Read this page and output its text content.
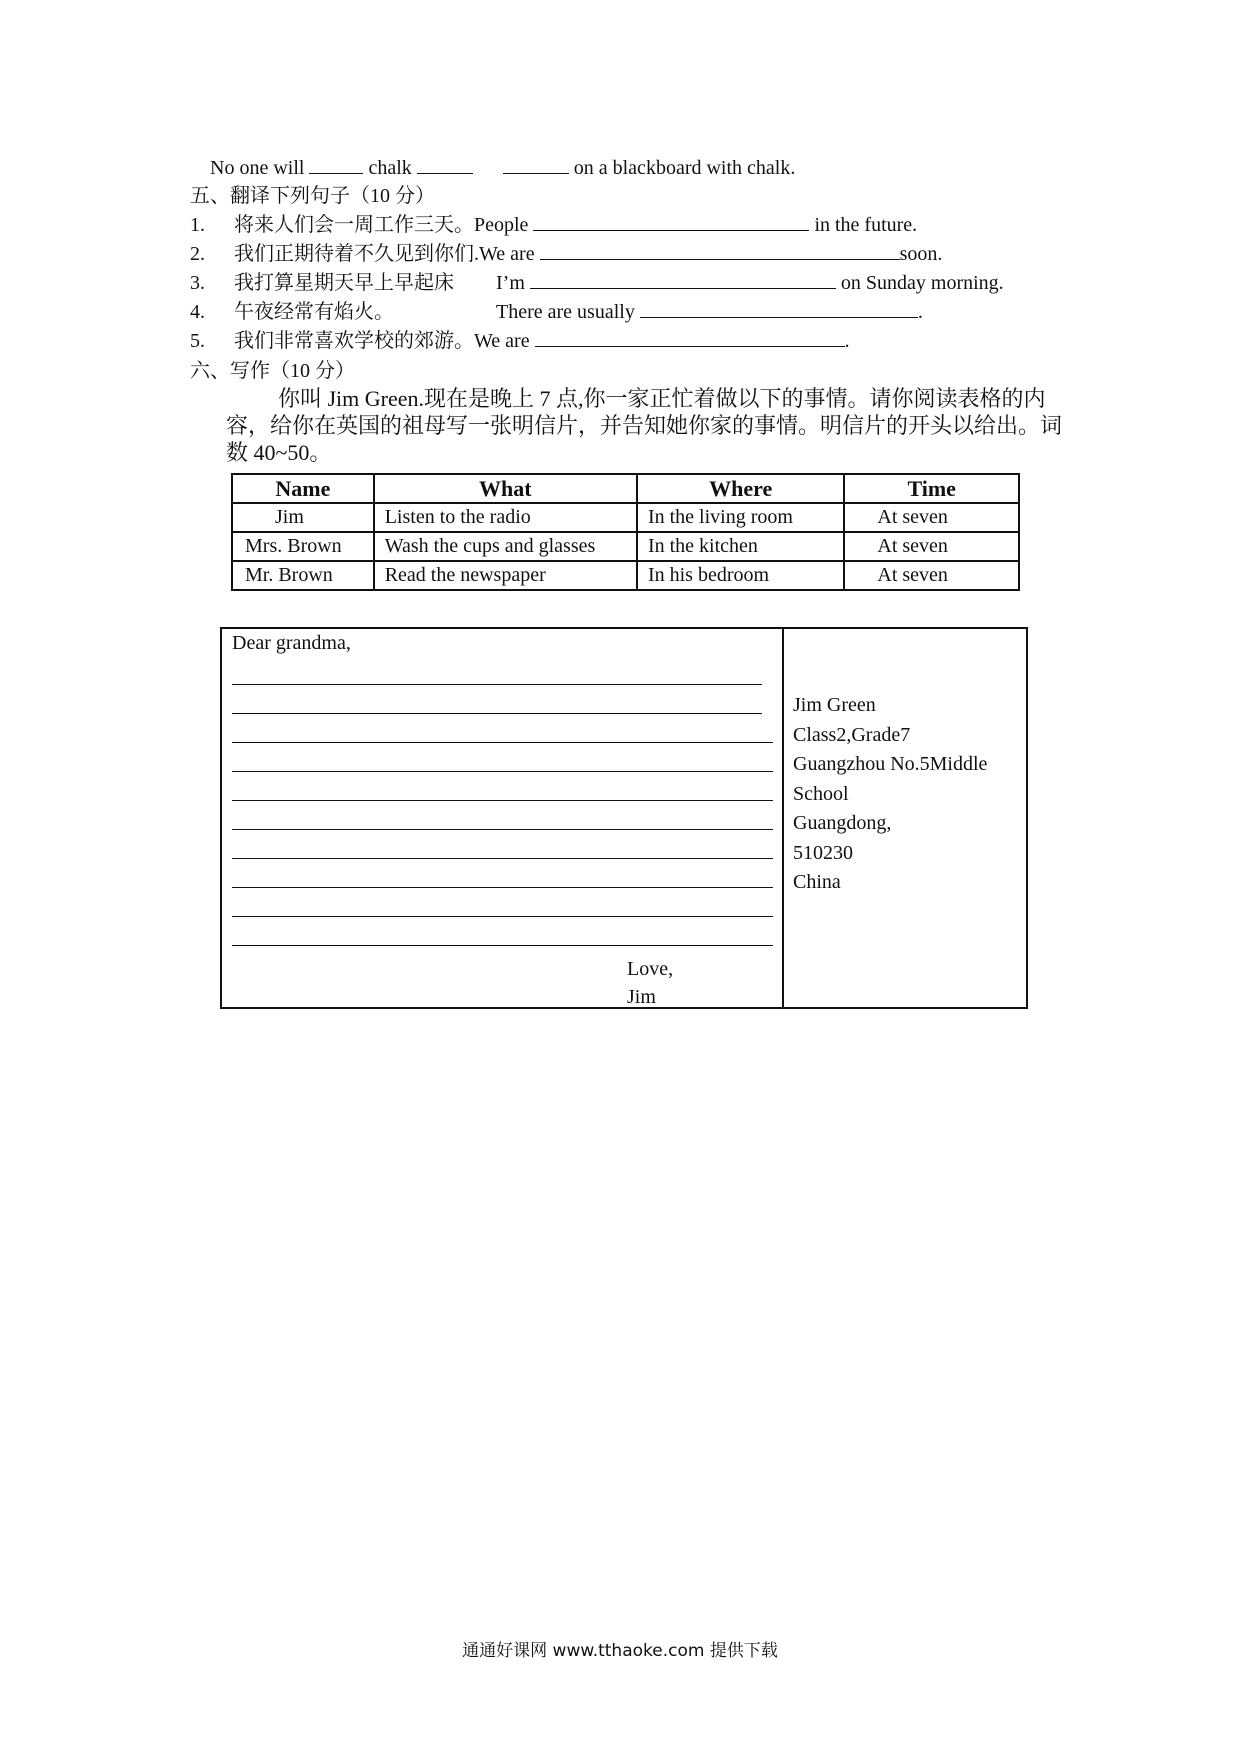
No one will	chalk	on a blackboard with chalk.
五、翻译下列句子（10 分）
1. 将来人们会一周工作三天。People	in the future.
2. 我们正期待着不久见到你们.We are	soon.
3. 我打算星期天早上早起床 I’m	on Sunday morning.
4. 午夜经常有焰火。	There are usually	.
5. 我们非常喜欢学校的郊游。We are	.
六、写作（10 分）
你叫 Jim Green.现在是晚上 7 点,你一家正忙着做以下的事情。请你阅读表格的内容，给你在英国的祖母写一张明信片，并告知她你家的事情。明信片的开头以给出。词数 40~50。
Name	What	Where	Time
Jim	Listen to the radio	In the living room	At seven
Mrs. Brown	Wash the cups and glasses	In the kitchen	At seven
Mr. Brown	Read the newspaper	In his bedroom	At seven
Dear grandma,
Love,
Jim
Jim Green
Class2,Grade7
Guangzhou No.5Middle
School
Guangdong,
510230
China
通通好课网 www.tthaoke.com 提供下载
